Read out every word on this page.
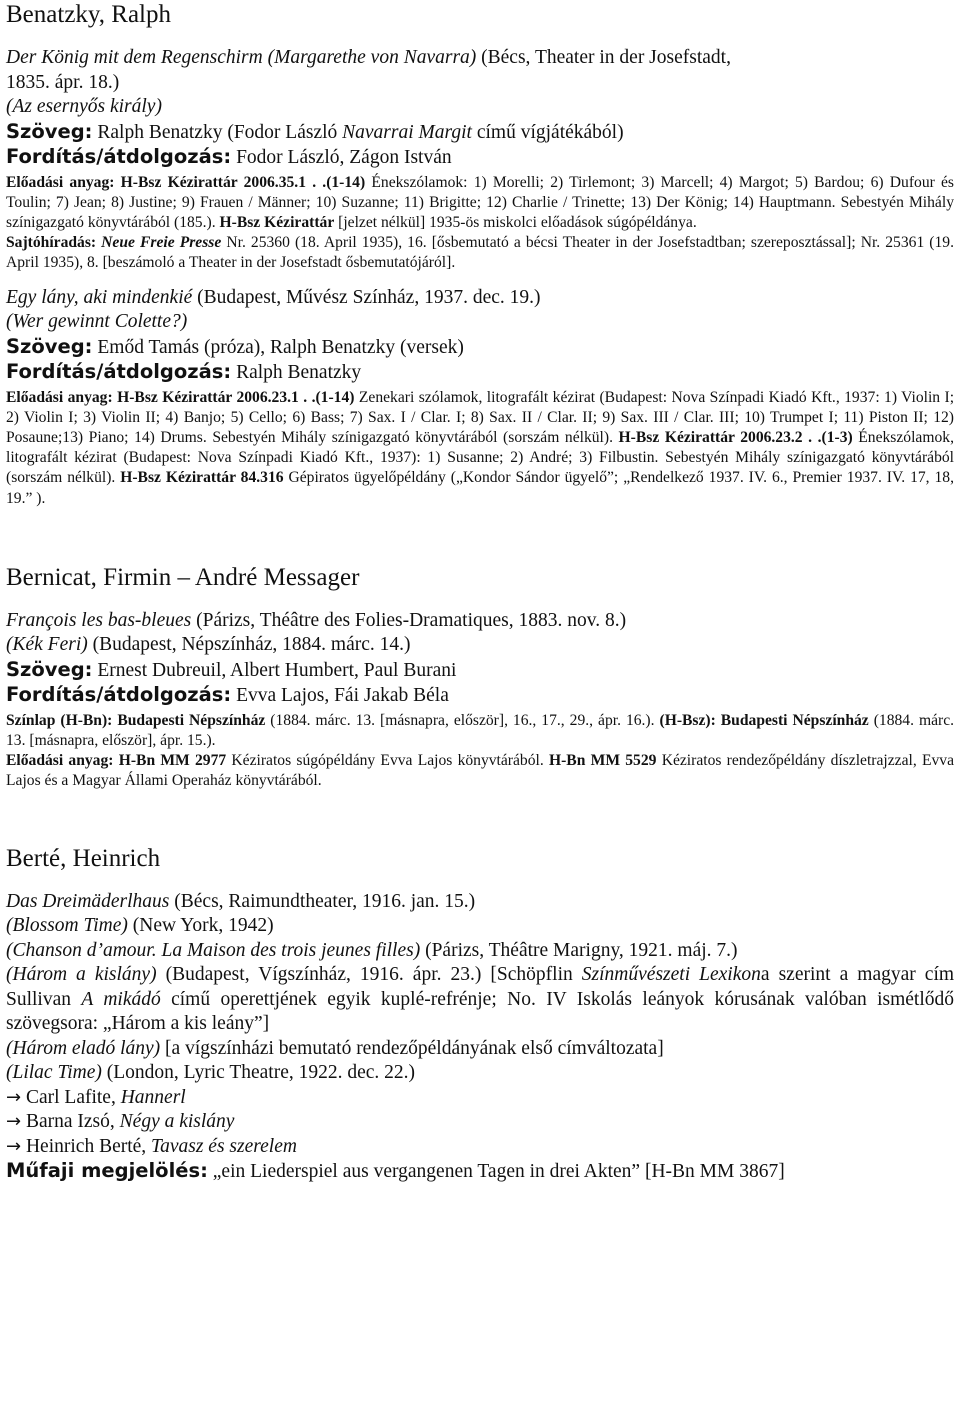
Benatzky, Ralph

Der König mit dem Regenschirm (Margarethe von Navarra) (Bécs, Theater in der Josefstadt,

1835. ápr. 18.)

(Az esernyős király)

Szöveg: Ralph Benatzky (Fodor László Navarrai Margit című vígjátékából)

Fordítás/átdolgozás: Fodor László, Zágon István

Előadási anyag: H-Bsz Kézirattár 2006.35.1 . .(1-14) Énekszólamok: 1) Morelli; 2) Tirlemont; 3) Marcell; 4) Margot; 5) Bardou; 6) Dufour és Toulin; 7) Jean; 8) Justine; 9) Frauen / Männer; 10) Suzanne; 11) Brigitte; 12) Charlie / Trinette; 13) Der König; 14) Hauptmann. Sebestyén Mihály színigazgató könyvtárából (185.). H-Bsz Kézirattár [jelzet nélkül] 1935-ös miskolci előadások súgópéldánya.

Sajtóhíradás: Neue Freie Presse Nr. 25360 (18. April 1935), 16. [ősbemutató a bécsi Theater in der Josefstadtban; szereposztással]; Nr. 25361 (19. April 1935), 8. [beszámoló a Theater in der Josefstadt ősbemutatójáról].

Egy lány, aki mindenkié (Budapest, Művész Színház, 1937. dec. 19.)

(Wer gewinnt Colette?)

Szöveg: Emőd Tamás (próza), Ralph Benatzky (versek)

Fordítás/átdolgozás: Ralph Benatzky

Előadási anyag: H-Bsz Kézirattár 2006.23.1 . .(1-14) Zenekari szólamok, litografált kézirat (Budapest: Nova Színpadi Kiadó Kft., 1937: 1) Violin I; 2) Violin I; 3) Violin II; 4) Banjo; 5) Cello; 6) Bass; 7) Sax. I / Clar. I; 8) Sax. II / Clar. II; 9) Sax. III / Clar. III; 10) Trumpet I; 11) Piston II; 12) Posaune;13) Piano; 14) Drums. Sebestyén Mihály színigazgató könyvtárából (sorszám nélkül). H-Bsz Kézirattár 2006.23.2 . .(1-3) Énekszólamok, litografált kézirat (Budapest: Nova Színpadi Kiadó Kft., 1937): 1) Susanne; 2) André; 3) Filbustin. Sebestyén Mihály színigazgató könyvtárából (sorszám nélkül). H-Bsz Kézirattár 84.316 Gépiratos ügyelőpéldány („Kondor Sándor ügyelő”; „Rendelkező 1937. IV. 6., Premier 1937. IV. 17, 18, 19.” ).

Bernicat, Firmin – André Messager

François les bas-bleues (Párizs, Théâtre des Folies-Dramatiques, 1883. nov. 8.)

(Kék Feri) (Budapest, Népszínház, 1884. márc. 14.)

Szöveg: Ernest Dubreuil, Albert Humbert, Paul Burani

Fordítás/átdolgozás: Evva Lajos, Fái Jakab Béla

Színlap (H-Bn): Budapesti Népszínház (1884. márc. 13. [másnapra, először], 16., 17., 29., ápr. 16.). (H-Bsz): Budapesti Népszínház (1884. márc. 13. [másnapra, először], ápr. 15.).

Előadási anyag: H-Bn MM 2977 Kéziratos súgópéldány Evva Lajos könyvtárából. H-Bn MM 5529 Kéziratos rendezőpéldány díszletrajzzal, Evva Lajos és a Magyar Állami Operaház könyvtárából.

Berté, Heinrich

Das Dreimäderlhaus (Bécs, Raimundtheater, 1916. jan. 15.)

(Blossom Time) (New York, 1942)

(Chanson d’amour. La Maison des trois jeunes filles) (Párizs, Théâtre Marigny, 1921. máj. 7.)

(Három a kislány) (Budapest, Vígszínház, 1916. ápr. 23.) [Schöpflin Színművészeti Lexikona szerint a magyar cím Sullivan A mikádó című operettjének egyik kuplé-refrénje; No. IV Iskolás leányok kórusának valóban ismétlődő szövegsora: „Három a kis leány”]

(Három eladó lány) [a vígszínházi bemutató rendezőpéldányának első címváltozata]

(Lilac Time) (London, Lyric Theatre, 1922. dec. 22.)

→ Carl Lafite, Hannerl

→ Barna Izsó, Négy a kislány

→ Heinrich Berté, Tavasz és szerelem

Műfaji megjelölés: „ein Liederspiel aus vergangenen Tagen in drei Akten” [H-Bn MM 3867]
